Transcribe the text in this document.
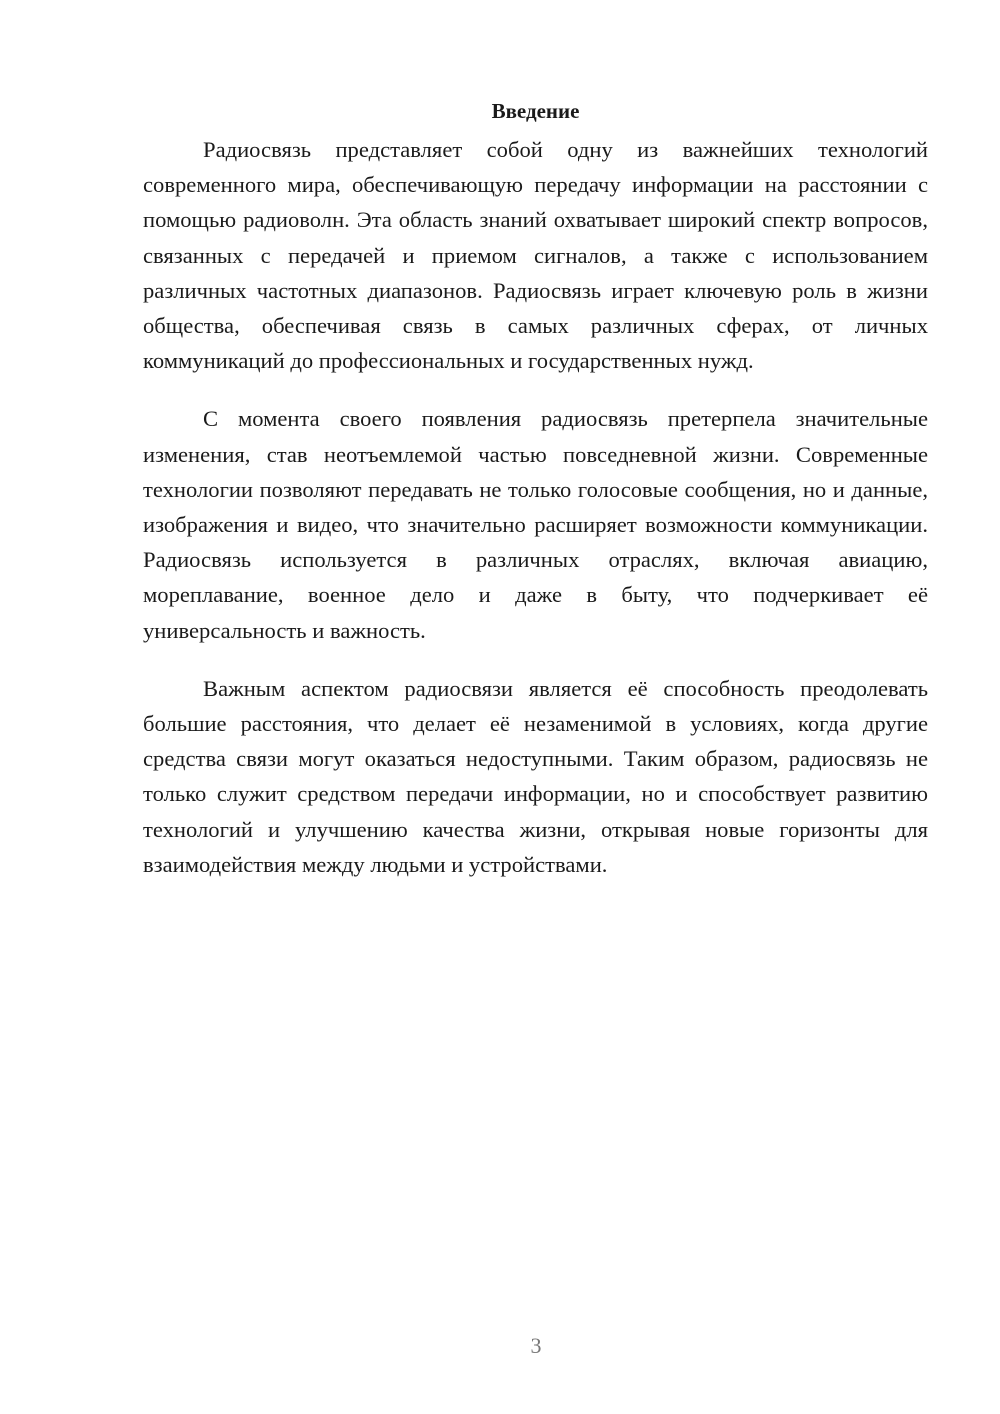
Введение

Радиосвязь представляет собой одну из важнейших технологий современного мира, обеспечивающую передачу информации на расстоянии с помощью радиоволн. Эта область знаний охватывает широкий спектр вопросов, связанных с передачей и приемом сигналов, а также с использованием различных частотных диапазонов. Радиосвязь играет ключевую роль в жизни общества, обеспечивая связь в самых различных сферах, от личных коммуникаций до профессиональных и государственных нужд.

С момента своего появления радиосвязь претерпела значительные изменения, став неотъемлемой частью повседневной жизни. Современные технологии позволяют передавать не только голосовые сообщения, но и данные, изображения и видео, что значительно расширяет возможности коммуникации. Радиосвязь используется в различных отраслях, включая авиацию, мореплавание, военное дело и даже в быту, что подчеркивает её универсальность и важность.

Важным аспектом радиосвязи является её способность преодолевать большие расстояния, что делает её незаменимой в условиях, когда другие средства связи могут оказаться недоступными. Таким образом, радиосвязь не только служит средством передачи информации, но и способствует развитию технологий и улучшению качества жизни, открывая новые горизонты для взаимодействия между людьми и устройствами.

3
